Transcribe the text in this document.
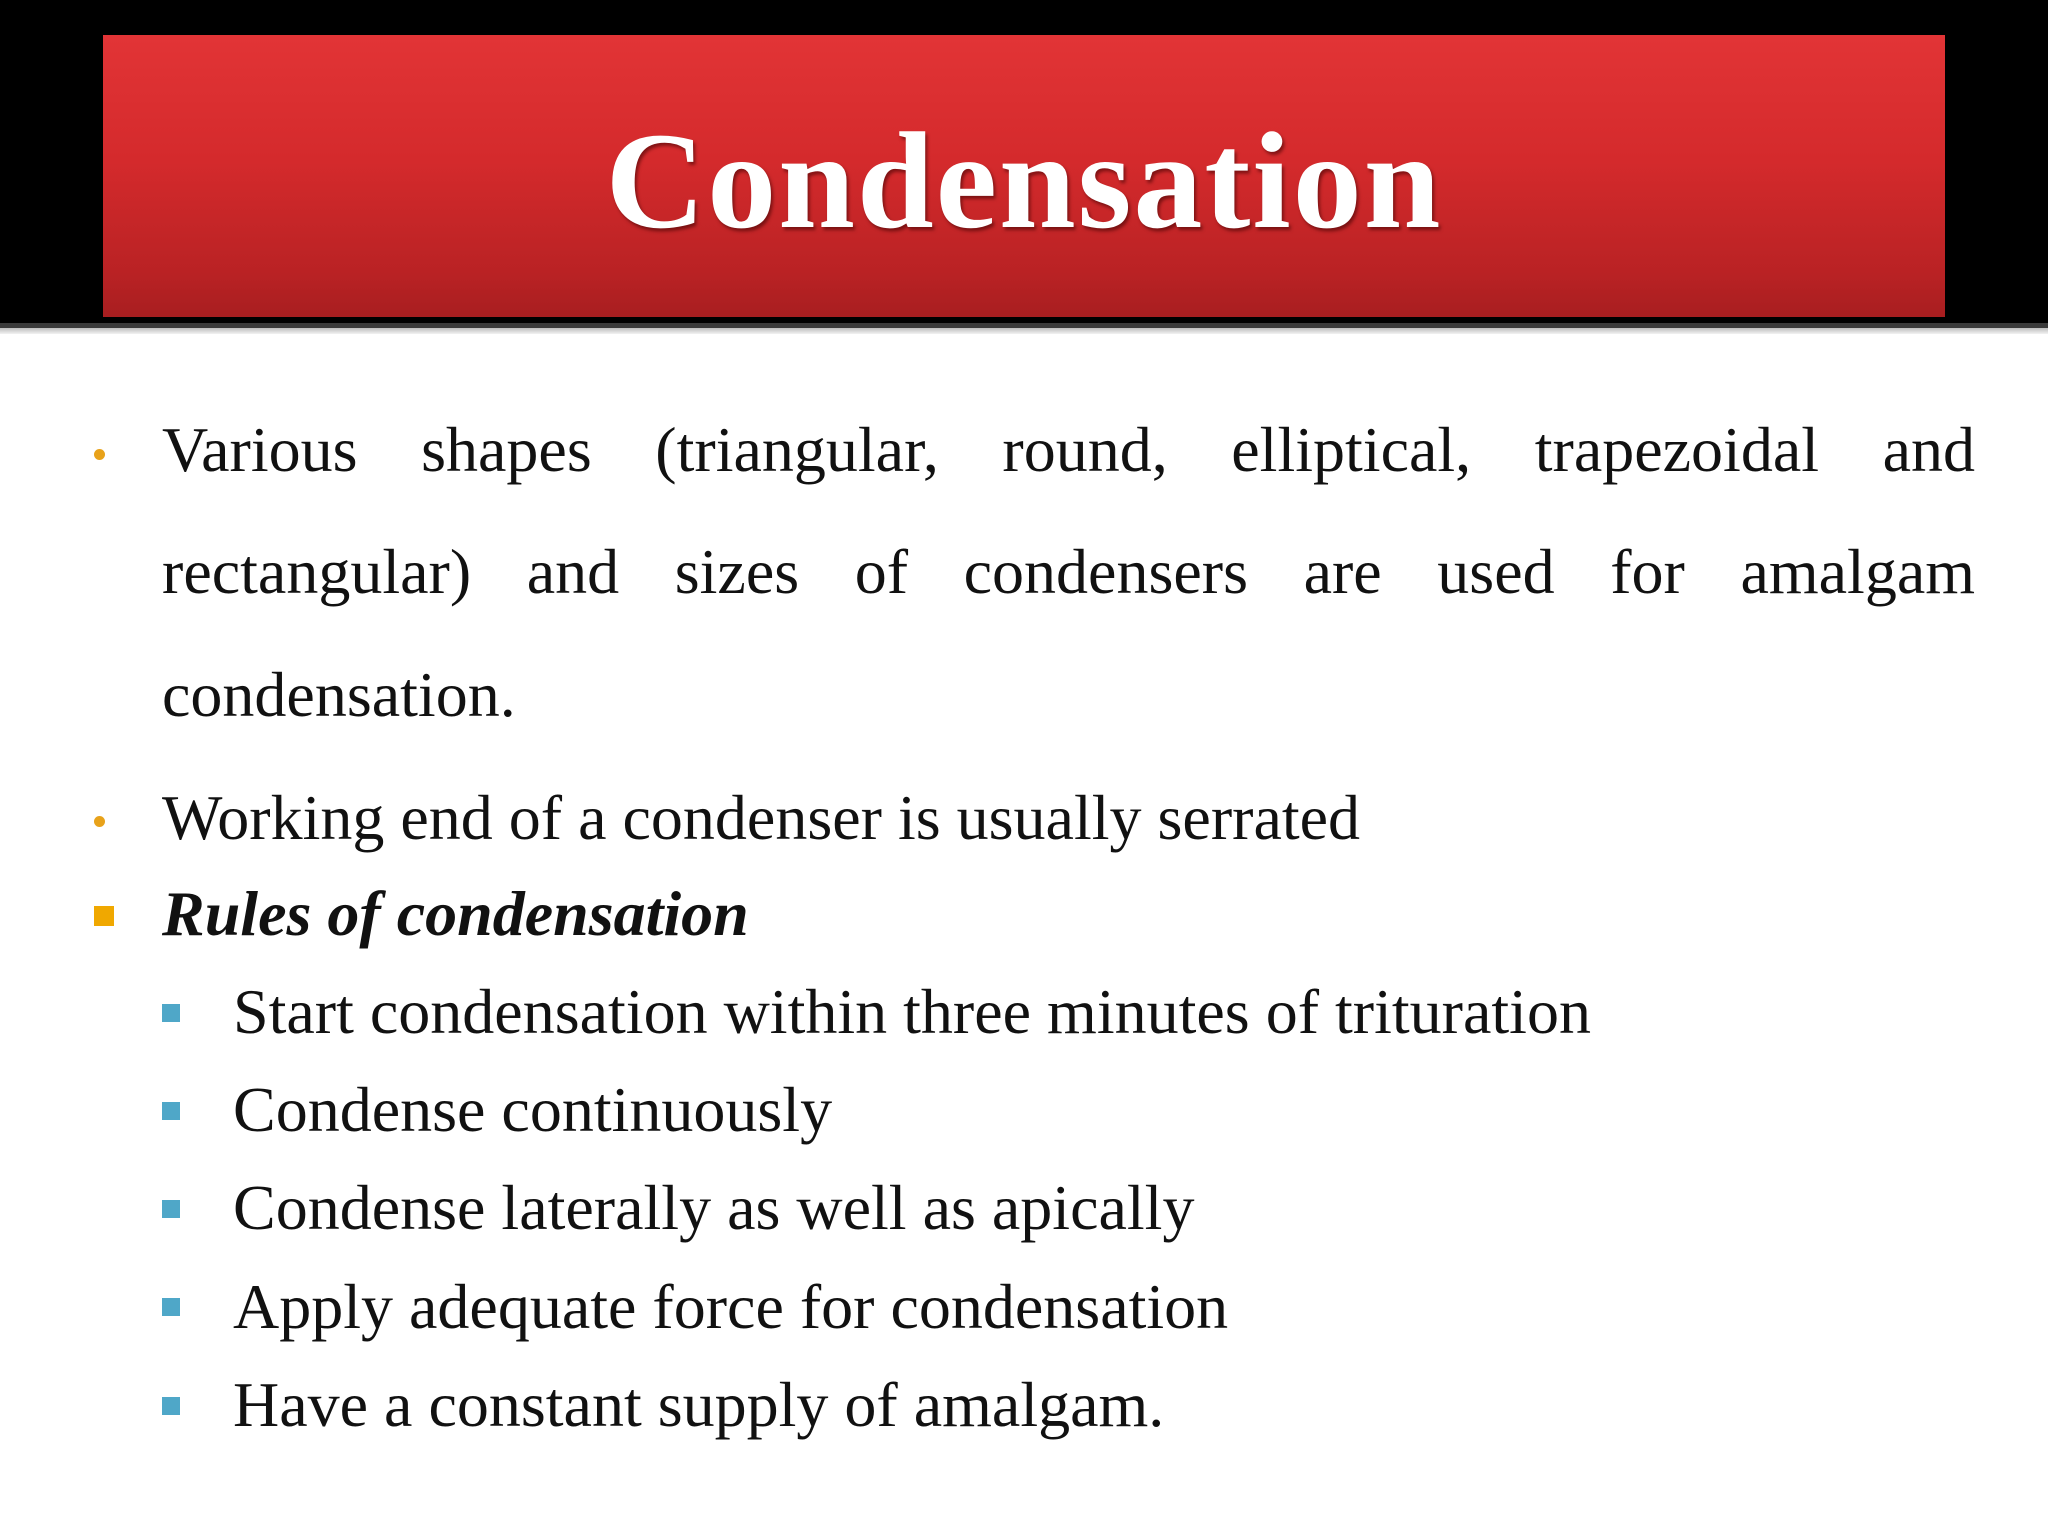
Condensation
Various shapes (triangular, round, elliptical, trapezoidal and
rectangular) and sizes of condensers are used for amalgam
condensation.
Working end of a condenser is usually serrated
Rules of condensation
Start condensation within three minutes of trituration
Condense continuously
Condense laterally as well as apically
Apply adequate force for condensation
Have a constant supply of amalgam.
